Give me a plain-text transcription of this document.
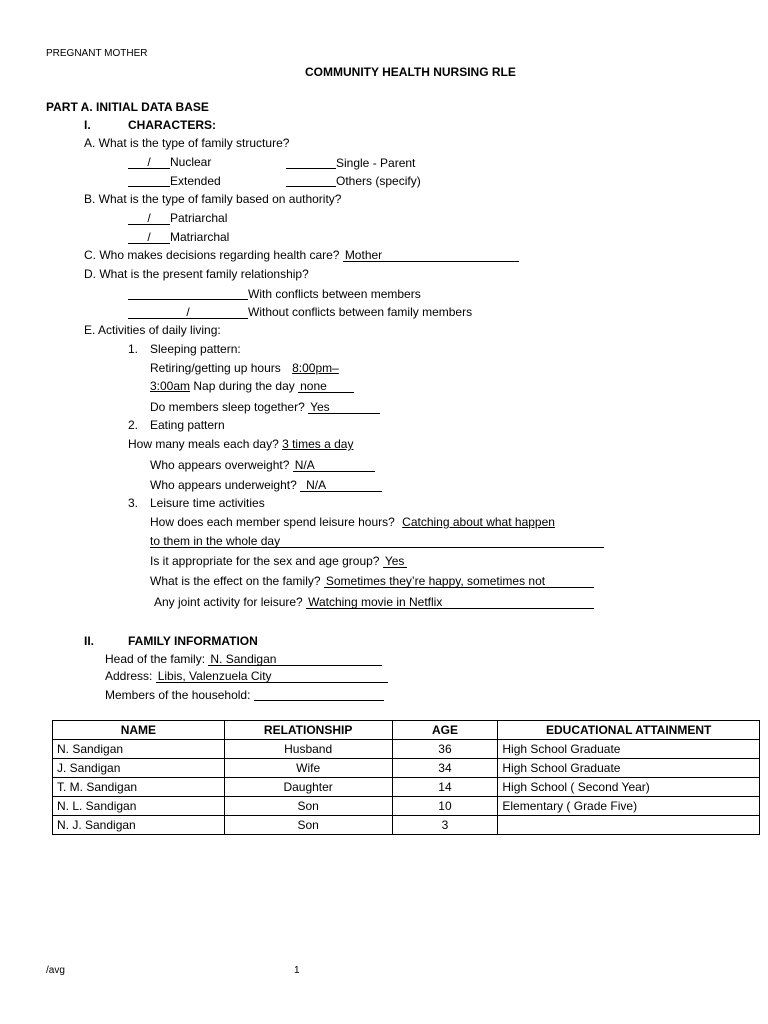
PREGNANT MOTHER
COMMUNITY HEALTH NURSING RLE
PART A. INITIAL DATA BASE
I.	CHARACTERS:
A. What is the type of family structure?
/ Nuclear	Single - Parent
Extended	Others (specify)
B. What is the type of family based on authority?
/ Patriarchal
/ Matriarchal
C. Who makes decisions regarding health care? Mother
D. What is the present family relationship?
With conflicts between members
/	Without conflicts between family members
E. Activities of daily living:
1. Sleeping pattern:
Retiring/getting up hours 8:00pm–
3:00am Nap during the day none
Do members sleep together? Yes
2. Eating pattern
How many meals each day? 3 times a day
Who appears overweight? N/A
Who appears underweight? N/A
3. Leisure time activities
How does each member spend leisure hours? Catching about what happen
to them in the whole day
Is it appropriate for the sex and age group? Yes
What is the effect on the family? Sometimes they’re happy, sometimes not
Any joint activity for leisure? Watching movie in Netflix
II.	FAMILY INFORMATION
Head of the family: N. Sandigan
Address: Libis, Valenzuela City
Members of the household:
NAME	RELATIONSHIP	AGE	EDUCATIONAL ATTAINMENT
N. Sandigan	Husband	36	High School Graduate
J. Sandigan	Wife	34	High School Graduate
T. M. Sandigan	Daughter	14	High School ( Second Year)
N. L. Sandigan	Son	10	Elementary ( Grade Five)
N. J. Sandigan	Son	3	
/avg	1
